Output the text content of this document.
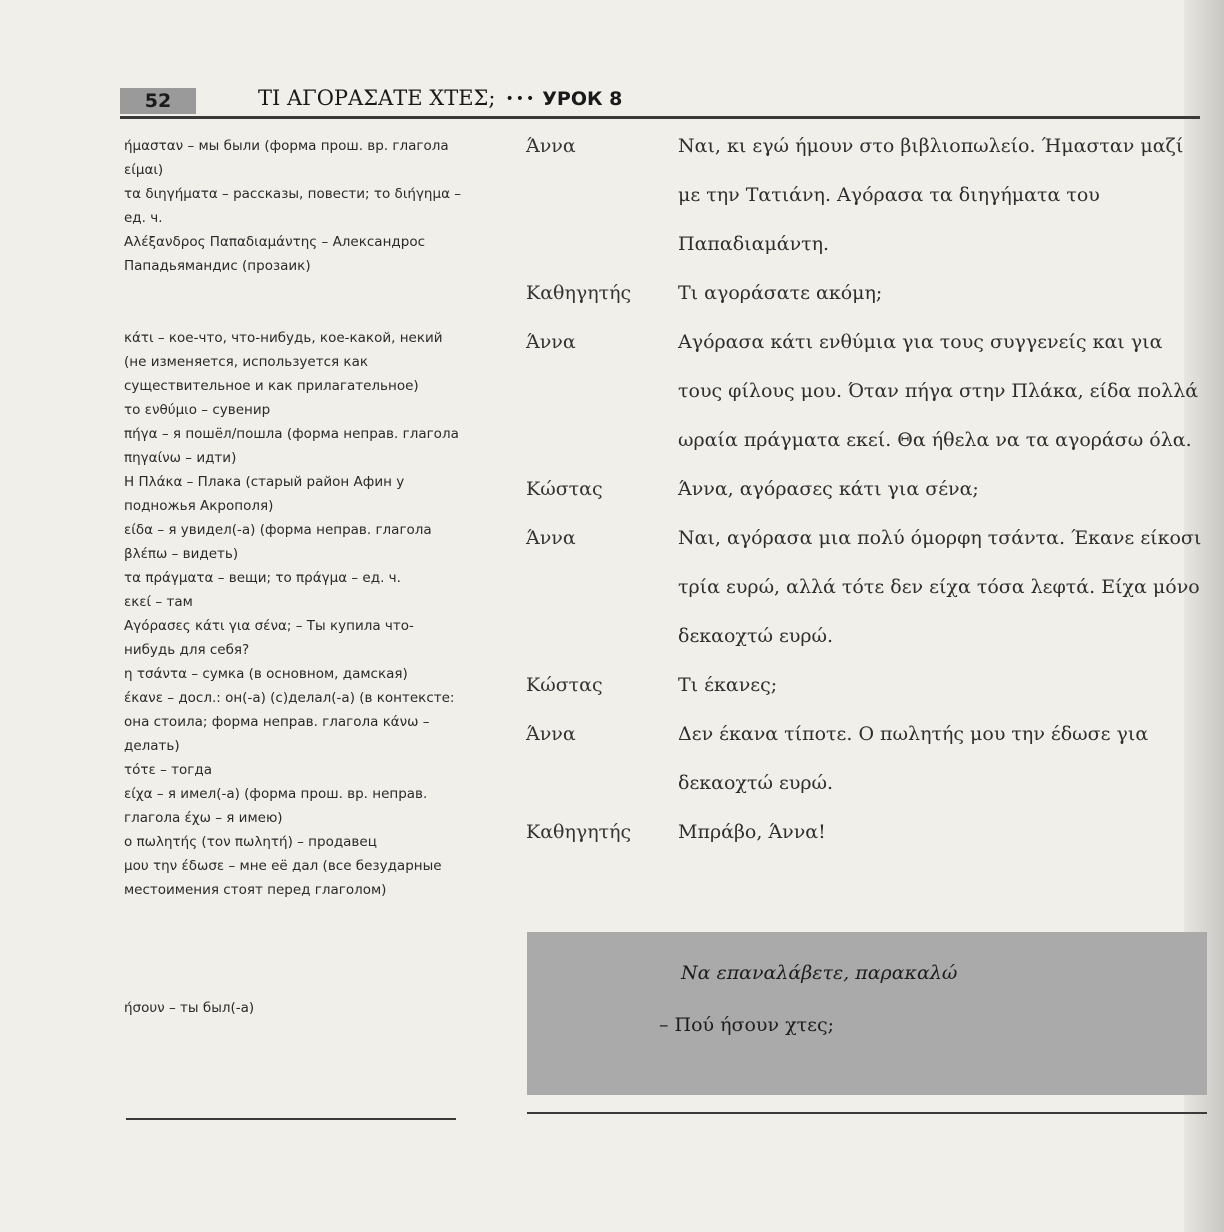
52	ΤΙ ΑΓΟΡΑΣΑΤΕ ΧΤΕΣ; ••• УРОК 8

ήμασταν – мы были (форма прош. вр. глагола είμαι)

τα διηγήματα – рассказы, повести; το διήγημα – ед. ч.

Αλέξανδρος Παπαδιαμάντης – Александрос Пападьямандис (прозаик)

κάτι – кое-что, что-нибудь, кое-какой, некий (не изменяется, используется как существительное и как прилагательное)

το ενθύμιο – сувенир

πήγα – я пошёл/пошла (форма неправ. глагола πηγαίνω – идти)

Η Πλάκα – Плака (старый район Афин у подножья Акрополя)

είδα – я увидел(-а) (форма неправ. глагола βλέπω – видеть)

τα πράγματα – вещи; το πράγμα – ед. ч.

εκεί – там

Αγόρασες κάτι για σένα; – Ты купила что-нибудь для себя?

η τσάντα – сумка (в основном, дамская)

έκανε – досл.: он(-а) (с)делал(-а) (в контексте: она стоила; форма неправ. глагола κάνω – делать)

τότε – тогда

είχα – я имел(-а) (форма прош. вр. неправ. глагола έχω – я имею)

ο πωλητής (τον πωλητή) – продавец

μου την έδωσε – мне её дал (все безударные местоимения стоят перед глаголом)

ήσουν – ты был(-а)

Άννα	Ναι, κι εγώ ήμουν στο βιβλιοπωλείο. Ήμασταν μαζί με την Τατιάνη. Αγόρασα τα διηγήματα του Παπαδιαμάντη.
Καθηγητής Τι αγοράσατε ακόμη;
Άννα	Αγόρασα κάτι ενθύμια για τους συγγενείς και για τους φίλους μου. Όταν πήγα στην Πλάκα, είδα πολλά ωραία πράγματα εκεί. Θα ήθελα να τα αγοράσω όλα.
Κώστας	Άννα, αγόρασες κάτι για σένα;
Άννα	Ναι, αγόρασα μια πολύ όμορφη τσάντα. Έκανε είκοσι τρία ευρώ, αλλά τότε δεν είχα τόσα λεφτά. Είχα μόνο δεκαοχτώ ευρώ.
Κώστας	Τι έκανες;
Άννα	Δεν έκανα τίποτε. Ο πωλητής μου την έδωσε για δεκαοχτώ ευρώ.
Καθηγητής Μπράβο, Άννα!
Να επαναλάβετε, παρακαλώ
– Πού ήσουν χτες;
